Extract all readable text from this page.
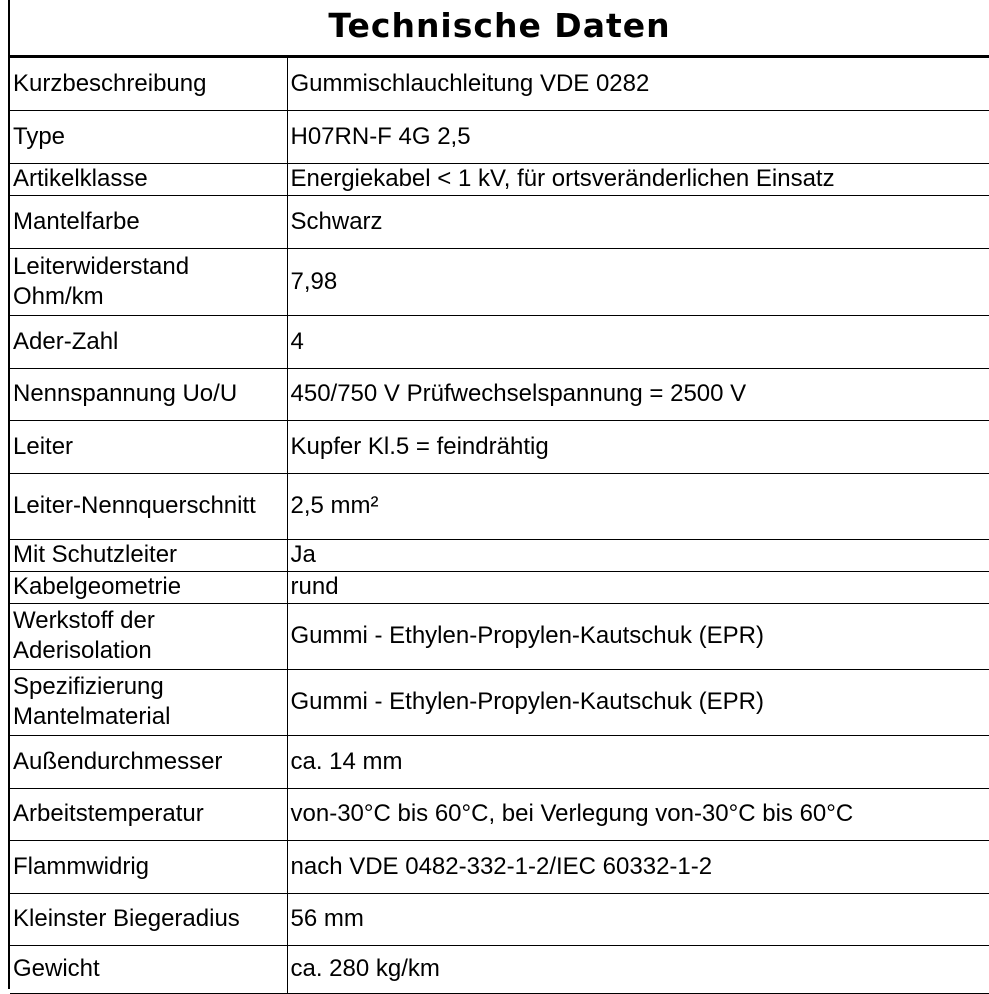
Technische Daten
Kurzbeschreibung	Gummischlauchleitung VDE 0282
Type	H07RN-F 4G 2,5
Artikelklasse	Energiekabel < 1 kV, für ortsveränderlichen Einsatz
Mantelfarbe	Schwarz
Leiterwiderstand Ohm/km	7,98
Ader-Zahl	4
Nennspannung Uo/U	450/750 V Prüfwechselspannung = 2500 V
Leiter	Kupfer Kl.5 = feindrähtig
Leiter-Nennquerschnitt	2,5 mm²
Mit Schutzleiter	Ja
Kabelgeometrie	rund
Werkstoff der Aderisolation	Gummi - Ethylen-Propylen-Kautschuk (EPR)
Spezifizierung Mantelmaterial	Gummi - Ethylen-Propylen-Kautschuk (EPR)
Außendurchmesser	ca. 14 mm
Arbeitstemperatur	von-30°C bis 60°C, bei Verlegung von-30°C bis 60°C
Flammwidrig	nach VDE 0482-332-1-2/IEC 60332-1-2
Kleinster Biegeradius	56 mm
Gewicht	ca. 280 kg/km
